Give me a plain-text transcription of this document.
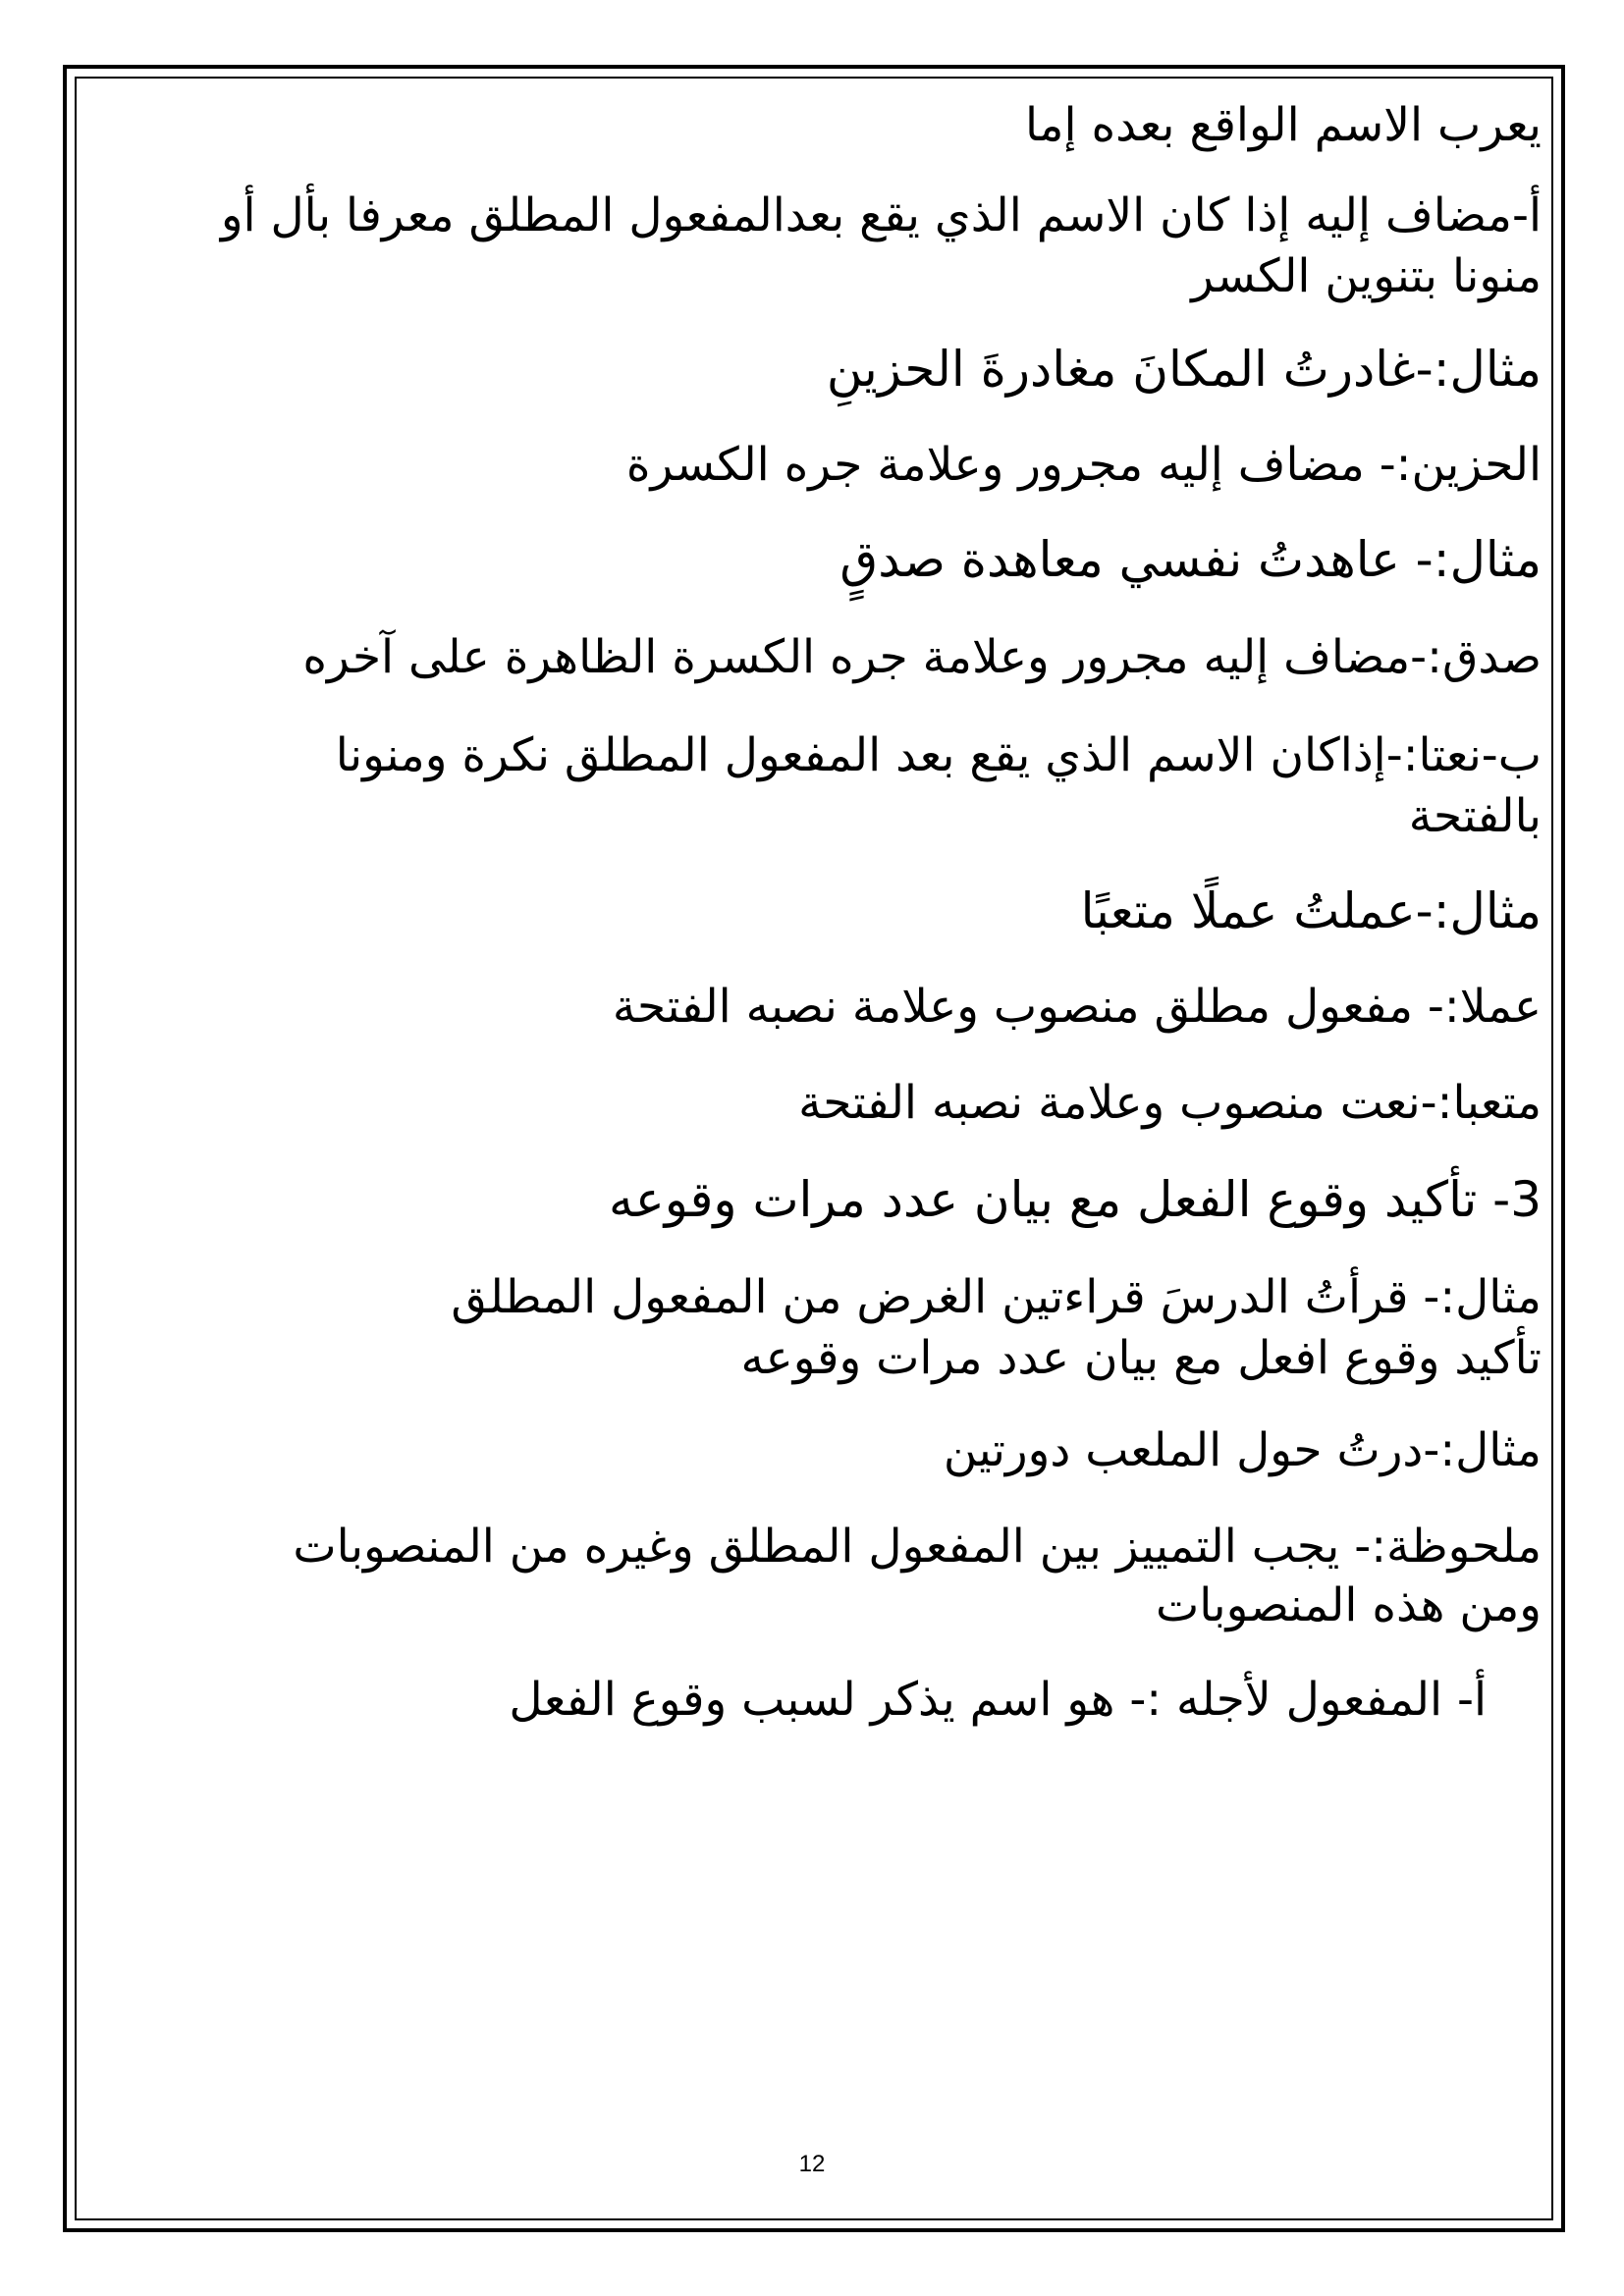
يعرب الاسم الواقع بعده إما
أ-مضاف إليه إذا كان الاسم الذي يقع بعدالمفعول المطلق معرفا بأل أو
منونا بتنوين الكسر
مثال:-غادرتُ المكانَ مغادرةَ الحزينِ
الحزين:- مضاف إليه مجرور وعلامة جره الكسرة
مثال:- عاهدتُ نفسي معاهدة صدقٍ
صدق:-مضاف إليه مجرور وعلامة جره الكسرة الظاهرة على آخره
ب-نعتا:-إذاكان الاسم الذي يقع بعد المفعول المطلق نكرة ومنونا
بالفتحة
مثال:-عملتُ عملًا متعبًا
عملا:- مفعول مطلق منصوب وعلامة نصبه الفتحة
متعبا:-نعت منصوب وعلامة نصبه الفتحة
3- تأكيد وقوع الفعل مع بيان عدد مرات وقوعه
مثال:- قرأتُ الدرسَ قراءتين الغرض من المفعول المطلق
تأكيد وقوع افعل مع بيان عدد مرات وقوعه
مثال:-درتُ حول الملعب دورتين
ملحوظة:- يجب التمييز بين المفعول المطلق وغيره من المنصوبات
ومن هذه المنصوبات
أ- المفعول لأجله :- هو اسم يذكر لسبب وقوع الفعل
12
